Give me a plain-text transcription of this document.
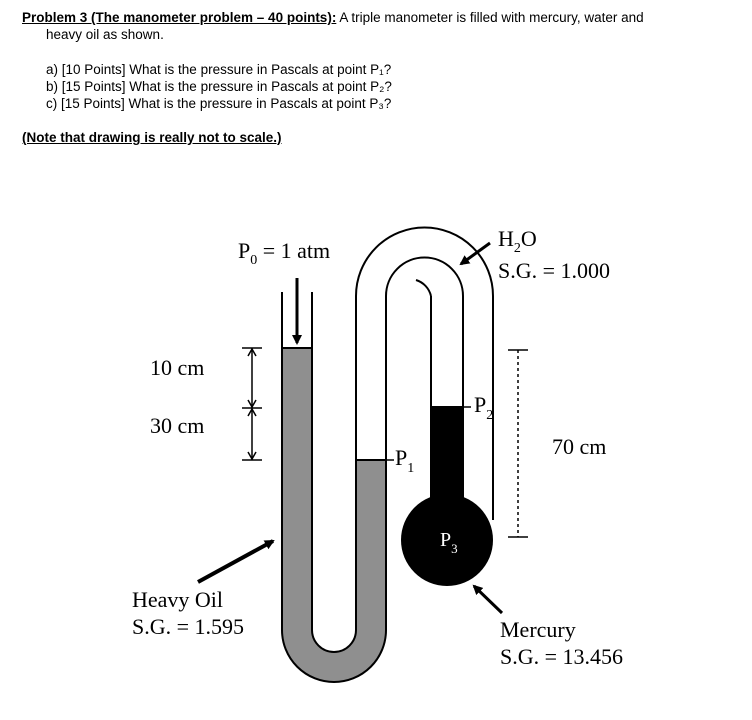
Problem 3 (The manometer problem – 40 points): A triple manometer is filled with mercury, water and
heavy oil as shown.
a) [10 Points] What is the pressure in Pascals at point P₁?
b) [15 Points] What is the pressure in Pascals at point P₂?
c) [15 Points] What is the pressure in Pascals at point P₃?
(Note that drawing is really not to scale.)
$P_0 = 1$ atm	$H_2O$
S.G. = 1.000
10 cm
30 cm
70 cm
$P_1$
$P_2$
$P_3$
Heavy Oil
S.G. = 1.595	Mercury
S.G. = 13.456
